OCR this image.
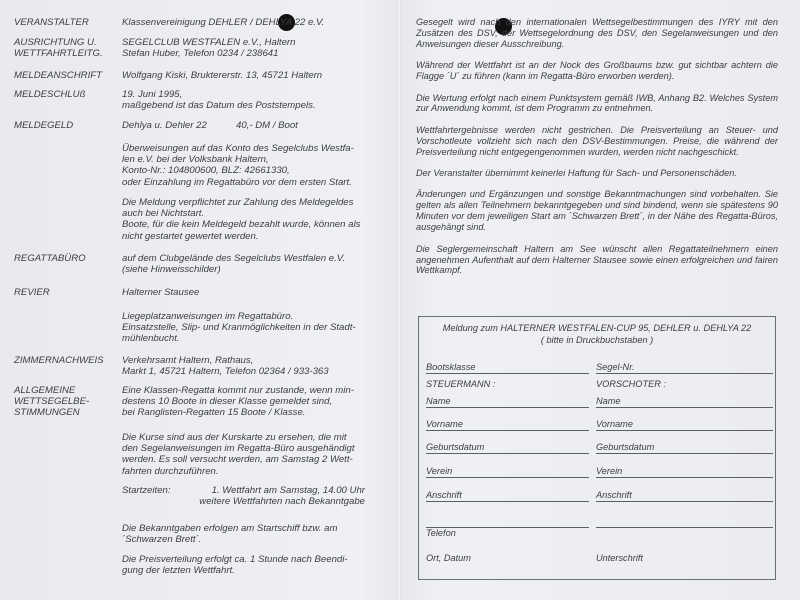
VERANSTALTER	Klassenvereinigung DEHLER / DEHLYA 22 e.V.
AUSRICHTUNG U.
WETTFAHRTLEITG.
SEGELCLUB WESTFALEN e.V., Haltern
Stefan Huber, Telefon 0234 / 238641
MELDEANSCHRIFT	Wolfgang Kiski, Bruktererstr. 13, 45721 Haltern
MELDESCHLUß	19. Juni 1995,
maßgebend ist das Datum des Poststempels.
MELDEGELD	Dehlya u. Dehler 22	40,- DM / Boot
Überweisungen auf das Konto des Segelclubs Westfa-
len e.V. bei der Volksbank Haltern,
Konto-Nr.: 104800600, BLZ: 42661330,
oder Einzahlung im Regattabüro vor dem ersten Start.
Die Meldung verpflichtet zur Zahlung des Meldegeldes
auch bei Nichtstart.
Boote, für die kein Meldegeld bezahlt wurde, können als
nicht gestartet gewertet werden.
REGATTABÜRO	auf dem Clubgelände des Segelclubs Westfalen e.V.
(siehe Hinweisschilder)
REVIER	Halterner Stausee
Liegeplatzanweisungen im Regattabüro.
Einsatzstelle, Slip- und Kranmöglichkeiten in der Stadt-
mühlenbucht.
ZIMMERNACHWEIS	Verkehrsamt Haltern, Rathaus,
Markt 1, 45721 Haltern, Telefon 02364 / 933-363
ALLGEMEINE
WETTSEGELBE-
STIMMUNGEN
Eine Klassen-Regatta kommt nur zustande, wenn min-
destens 10 Boote in dieser Klasse gemeldet sind,
bei Ranglisten-Regatten 15 Boote / Klasse.
Die Kurse sind aus der Kurskarte zu ersehen, die mit
den Segelanweisungen im Regatta-Büro ausgehändigt
werden. Es soll versucht werden, am Samstag 2 Wett-
fahrten durchzuführen.
Startzeiten:	1. Wettfahrt am Samstag, 14.00 Uhr
weitere Wettfahrten nach Bekanntgabe
Die Bekanntgaben erfolgen am Startschiff bzw. am
´Schwarzen Brett´.
Die Preisverteilung erfolgt ca. 1 Stunde nach Beendi-
gung der letzten Wettfahrt.

Gesegelt wird nach den internationalen Wettsegelbestimmungen des IYRY mit den Zusätzen des DSV, der Wettsegelordnung des DSV, den Segelanweisungen und den Anweisungen dieser Ausschreibung.

Während der Wettfahrt ist an der Nock des Großbaums bzw. gut sichtbar achtern die Flagge ´U´ zu führen (kann im Regatta-Büro erworben werden).

Die Wertung erfolgt nach einem Punktsystem gemäß IWB, Anhang B2. Welches System zur Anwendung kommt, ist dem Programm zu entnehmen.

Wettfahrtergebnisse werden nicht gestrichen. Die Preisverteilung an Steuer- und Vorschotleute vollzieht sich nach den DSV-Bestimmungen. Preise, die während der Preisverteilung nicht entgegengenommen wurden, werden nicht nachgeschickt.

Der Veranstalter übernimmt keinerlei Haftung für Sach- und Personenschäden.

Änderungen und Ergänzungen und sonstige Bekanntmachungen sind vorbehalten. Sie gelten als allen Teilnehmern bekanntgegeben und sind bindend, wenn sie spätestens 90 Minuten vor dem jeweiligen Start am ´Schwarzen Brett´, in der Nähe des Regatta-Büros, ausgehängt sind.

Die Seglergemeinschaft Haltern am See wünscht allen Regattateilnehmern einen angenehmen Aufenthalt auf dem Halterner Stausee sowie einen erfolgreichen und fairen Wettkampf.

Meldung zum HALTERNER WESTFALEN-CUP 95, DEHLER u. DEHLYA 22
( bitte in Druckbuchstaben )
Bootsklasse	Segel-Nr.
STEUERMANN :	VORSCHOTER :
Name	Name
Vorname	Vorname
Geburtsdatum	Geburtsdatum
Verein	Verein
Anschrift	Anschrift
Telefon
Ort, Datum	Unterschrift
